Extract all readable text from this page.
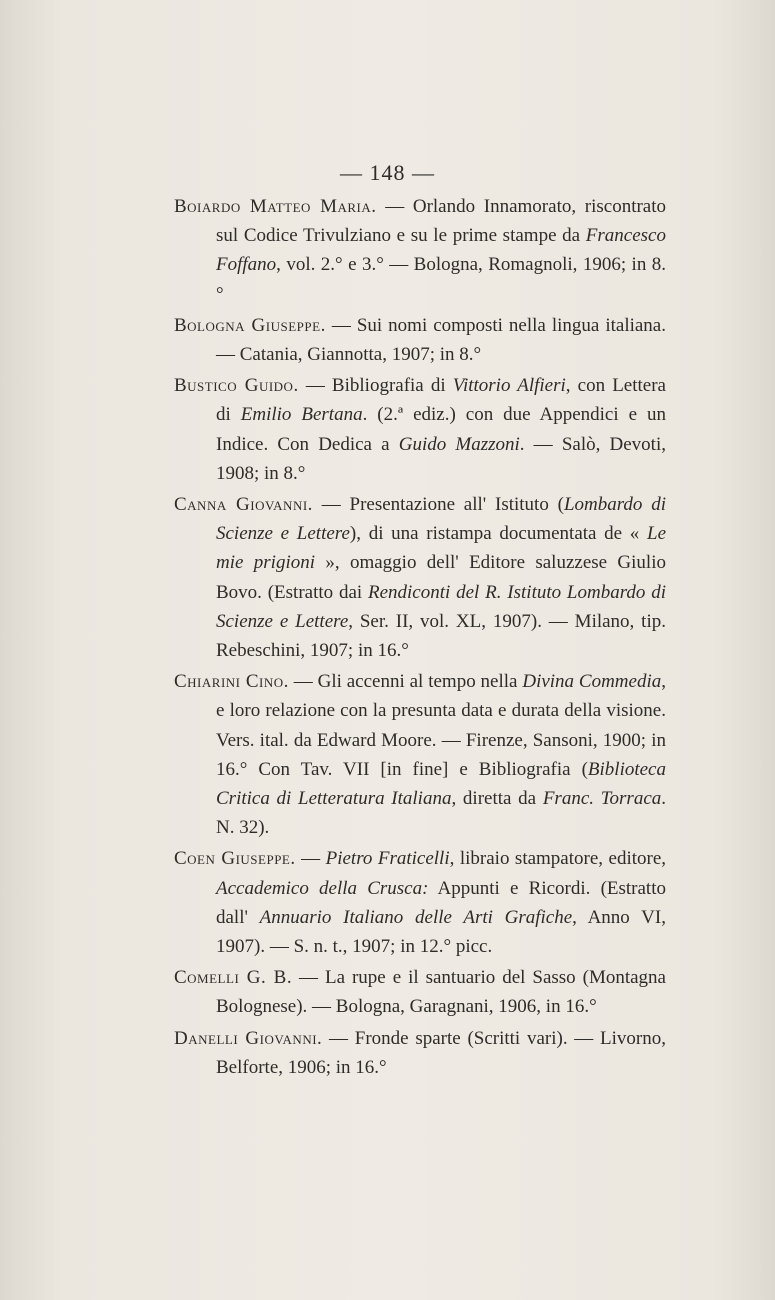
— 148 —

Boiardo Matteo Maria. — Orlando Innamorato, riscontrato sul Codice Trivulziano e su le prime stampe da Francesco Foffano, vol. 2.° e 3.° — Bologna, Romagnoli, 1906; in 8.°

Bologna Giuseppe. — Sui nomi composti nella lingua italiana. — Catania, Giannotta, 1907; in 8.°

Bustico Guido. — Bibliografia di Vittorio Alfieri, con Lettera di Emilio Bertana. (2.ª ediz.) con due Appendici e un Indice. Con Dedica a Guido Mazzoni. — Salò, Devoti, 1908; in 8.°

Canna Giovanni. — Presentazione all' Istituto (Lombardo di Scienze e Lettere), di una ristampa documentata de « Le mie prigioni », omaggio dell' Editore saluzzese Giulio Bovo. (Estratto dai Rendiconti del R. Istituto Lombardo di Scienze e Lettere, Ser. II, vol. XL, 1907). — Milano, tip. Rebeschini, 1907; in 16.°

Chiarini Cino. — Gli accenni al tempo nella Divina Commedia, e loro relazione con la presunta data e durata della visione. Vers. ital. da Edward Moore. — Firenze, Sansoni, 1900; in 16.° Con Tav. VII [in fine] e Bibliografia (Biblioteca Critica di Letteratura Italiana, diretta da Franc. Torraca. N. 32).

Coen Giuseppe. — Pietro Fraticelli, libraio stampatore, editore, Accademico della Crusca: Appunti e Ricordi. (Estratto dall' Annuario Italiano delle Arti Grafiche, Anno VI, 1907). — S. n. t., 1907; in 12.° picc.

Comelli G. B. — La rupe e il santuario del Sasso (Montagna Bolognese). — Bologna, Garagnani, 1906, in 16.°

Danelli Giovanni. — Fronde sparte (Scritti vari). — Livorno, Belforte, 1906; in 16.°
